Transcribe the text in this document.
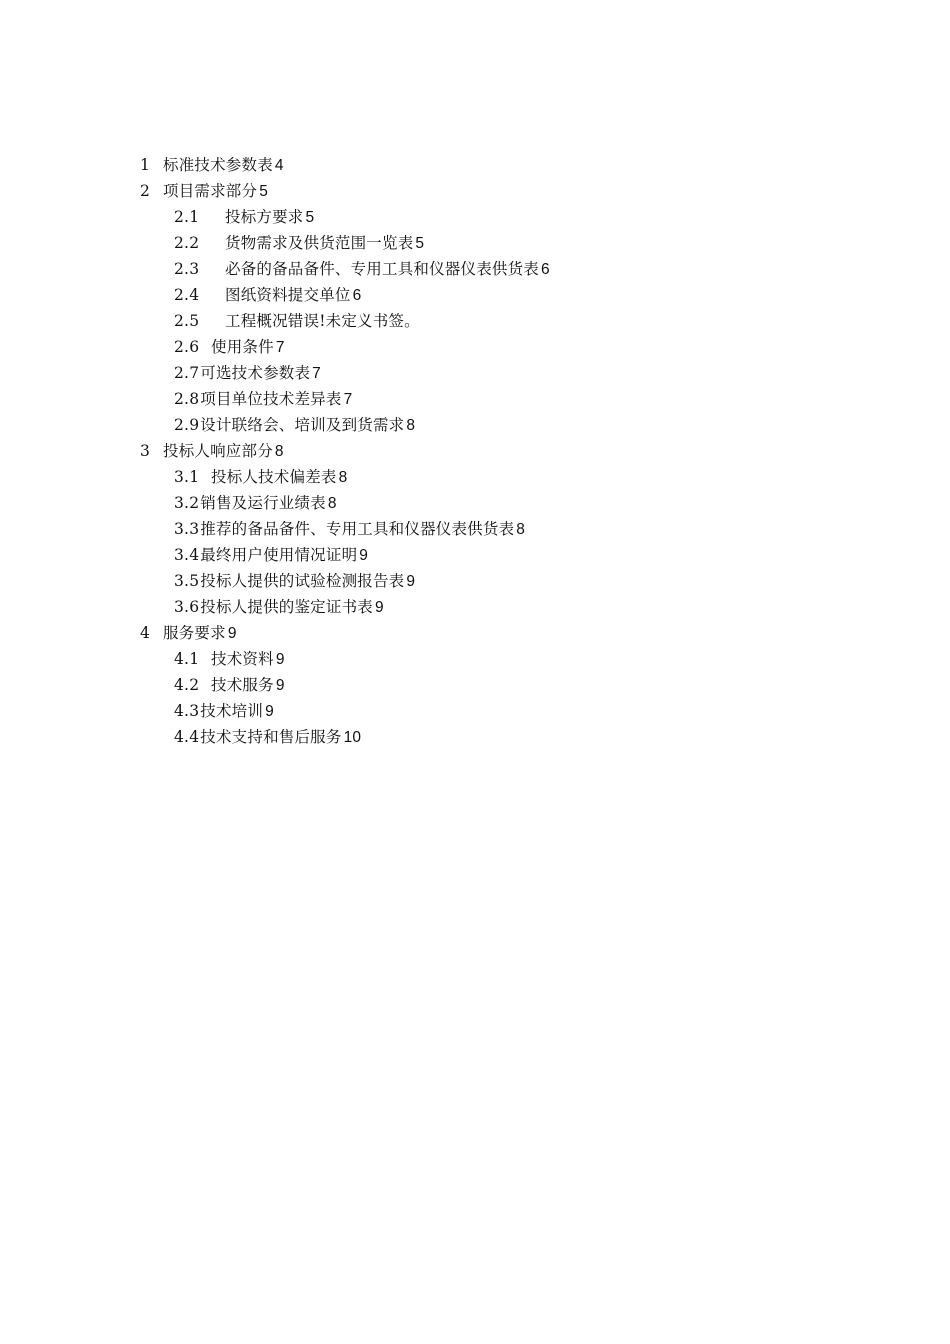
1 标准技术参数表 4
2 项目需求部分 5
2.1 投标方要求 5
2.2 货物需求及供货范围一览表 5
2.3 必备的备品备件、专用工具和仪器仪表供货表 6
2.4 图纸资料提交单位 6
2.5 工程概况错误!未定义书签。
2.6 使用条件 7
2.7可选技术参数表 7
2.8项目单位技术差异表 7
2.9设计联络会、培训及到货需求 8
3 投标人响应部分 8
3.1 投标人技术偏差表 8
3.2销售及运行业绩表 8
3.3推荐的备品备件、专用工具和仪器仪表供货表 8
3.4最终用户使用情况证明 9
3.5投标人提供的试验检测报告表 9
3.6投标人提供的鉴定证书表 9
4 服务要求 9
4.1 技术资料 9
4.2 技术服务 9
4.3技术培训 9
4.4技术支持和售后服务 10
